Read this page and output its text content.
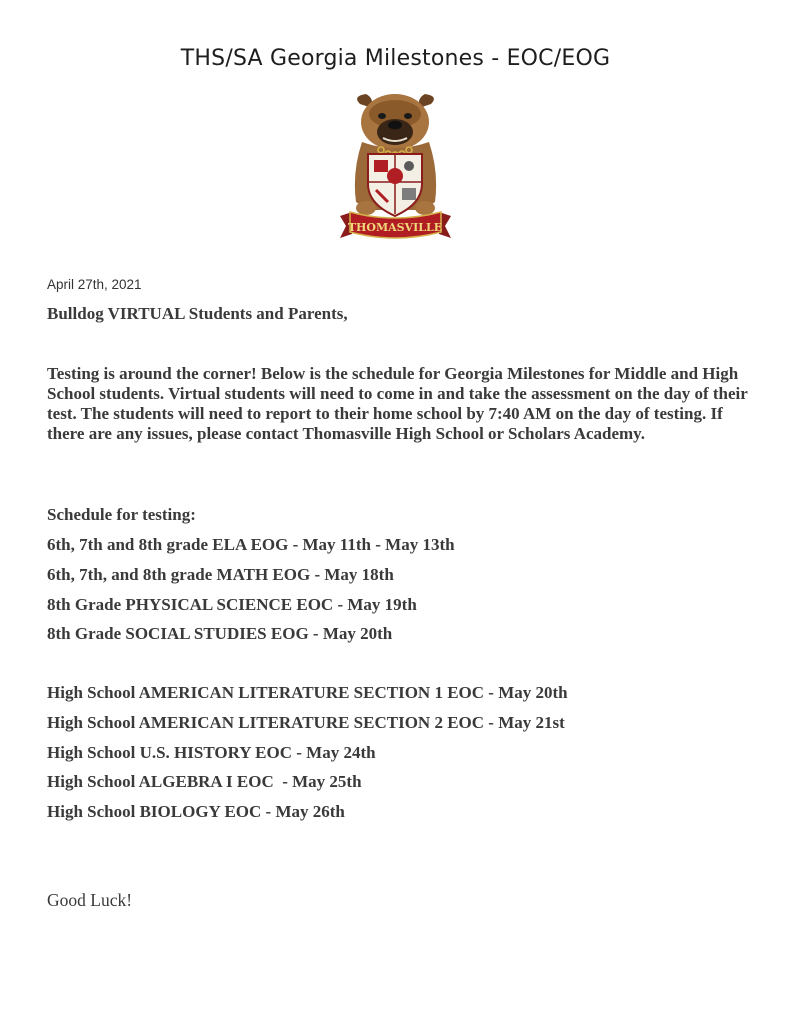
THS/SA Georgia Milestones - EOC/EOG
THOMASVILLE
April 27th, 2021
Bulldog VIRTUAL Students and Parents,
Testing is around the corner! Below is the schedule for Georgia Milestones for Middle and High School students. Virtual students will need to come in and take the assessment on the day of their test. The students will need to report to their home school by 7:40 AM on the day of testing. If there are any issues, please contact Thomasville High School or Scholars Academy.
Schedule for testing:
6th, 7th and 8th grade ELA EOG - May 11th - May 13th
6th, 7th, and 8th grade MATH EOG - May 18th
8th Grade PHYSICAL SCIENCE EOC - May 19th
8th Grade SOCIAL STUDIES EOG - May 20th
High School AMERICAN LITERATURE SECTION 1 EOC - May 20th
High School AMERICAN LITERATURE SECTION 2 EOC - May 21st
High School U.S. HISTORY EOC - May 24th
High School ALGEBRA I EOC  - May 25th
High School BIOLOGY EOC - May 26th
Good Luck!
